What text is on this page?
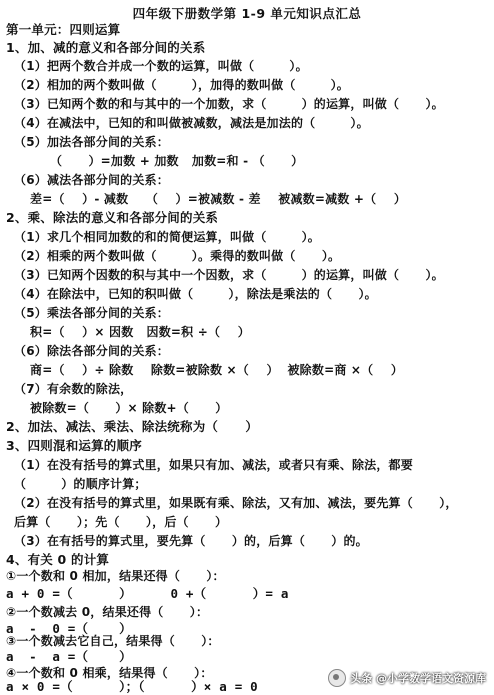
四年级下册数学第 1-9 单元知识点汇总
第一单元：四则运算
1、加、减的意义和各部分间的关系
（1）把两个数合并成一个数的运算，叫做（        ）。
（2）相加的两个数叫做（        ），加得的数叫做（        ）。
（3）已知两个数的和与其中的一个加数，求（        ）的运算，叫做（      ）。
（4）在减法中，已知的和叫做被减数，减法是加法的（        ）。
（5）加法各部分间的关系：
（      ）=加数 + 加数   加数=和 - （      ）
（6）减法各部分间的关系：
差=（    ）- 减数    （    ）=被减数 - 差    被减数=减数 +（    ）
2、乘、除法的意义和各部分间的关系
（1）求几个相同加数的和的简便运算，叫做（        ）。
（2）相乘的两个数叫做（        ）。乘得的数叫做（      ）。
（3）已知两个因数的积与其中一个因数，求（        ）的运算，叫做（      ）。
（4）在除法中，已知的积叫做（        ），除法是乘法的（      ）。
（5）乘法各部分间的关系：
积=（    ）× 因数   因数=积 ÷（    ）
（6）除法各部分间的关系：
商=（    ）÷ 除数    除数=被除数 ×（    ）  被除数=商 ×（    ）
（7）有余数的除法，
被除数=（      ）× 除数+（      ）
2、加法、减法、乘法、除法统称为（      ）
3、四则混和运算的顺序
（1）在没有括号的算式里，如果只有加、减法，或者只有乘、除法，都要
（        ）的顺序计算；
（2）在没有括号的算式里，如果既有乘、除法，又有加、减法，要先算（      ），
后算（      ）；先（      ），后（      ）
（3）在有括号的算式里，要先算（      ）的，后算（      ）的。
4、有关 0 的计算
①一个数和 0 相加，结果还得（      ）：
a + 0 =（      ）     0 +（      ）= a
②一个数减去 0，结果还得（      ）：
a  -  0 =（    ）
③一个数减去它自己，结果得（      ）：
a  -  a =（    ）
④一个数和 0 相乘，结果得（      ）：
a × 0 =（      ）；（      ）× a = 0
头条 @小学数学语文资源库
